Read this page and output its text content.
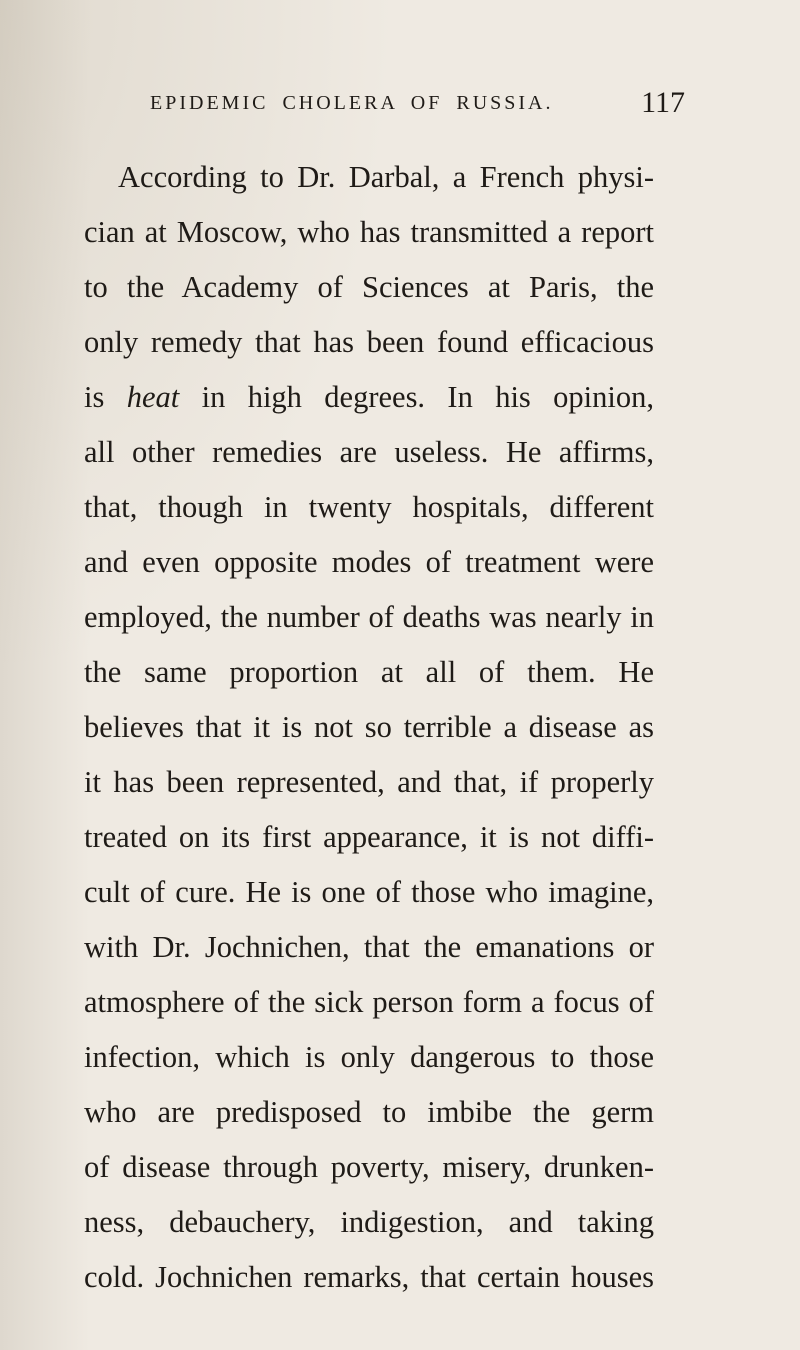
EPIDEMIC CHOLERA OF RUSSIA.	117
According to Dr. Darbal, a French physi-
cian at Moscow, who has transmitted a report
to the Academy of Sciences at Paris, the
only remedy that has been found efficacious
is heat in high degrees. In his opinion,
all other remedies are useless. He affirms,
that, though in twenty hospitals, different
and even opposite modes of treatment were
employed, the number of deaths was nearly in
the same proportion at all of them. He
believes that it is not so terrible a disease as
it has been represented, and that, if properly
treated on its first appearance, it is not diffi-
cult of cure. He is one of those who imagine,
with Dr. Jochnichen, that the emanations or
atmosphere of the sick person form a focus of
infection, which is only dangerous to those
who are predisposed to imbibe the germ
of disease through poverty, misery, drunken-
ness, debauchery, indigestion, and taking
cold. Jochnichen remarks, that certain houses
